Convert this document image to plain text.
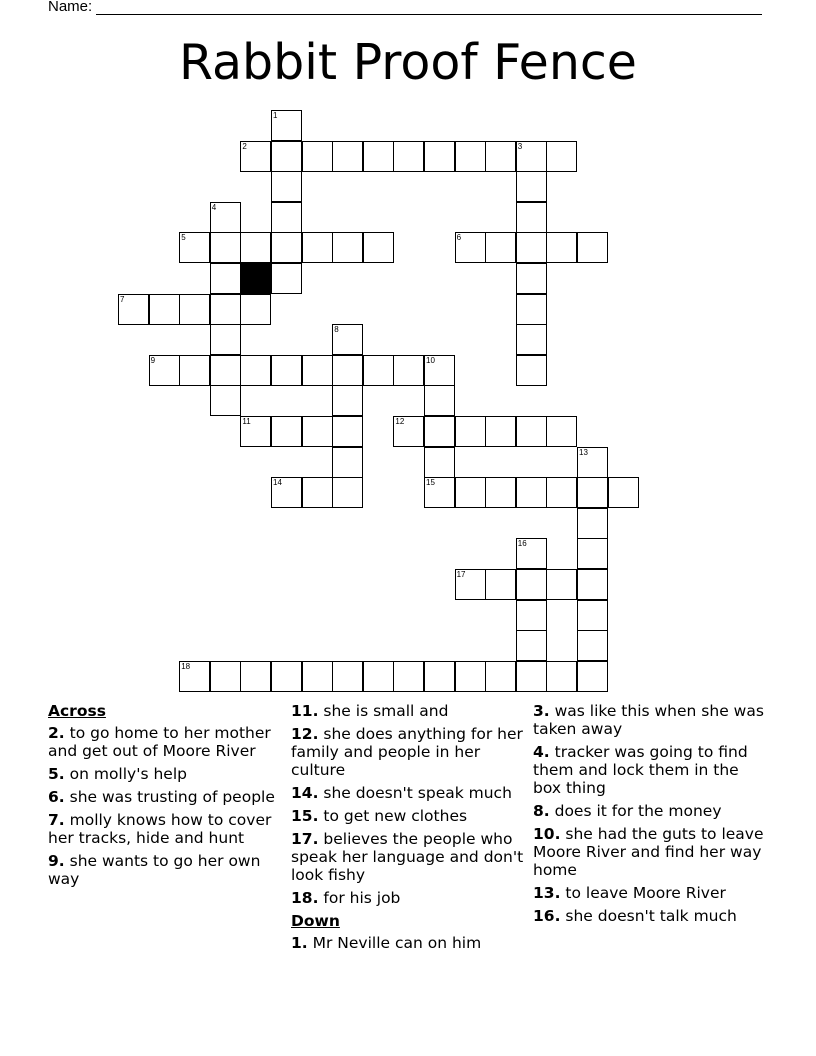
Name:
Rabbit Proof Fence
1
2	3
4
5	6
7
8
9	10
11	12
13
14	15
16
17
18
Across
2. to go home to her mother and get out of Moore River
5. on molly's help
6. she was trusting of people
7. molly knows how to cover her tracks, hide and hunt
9. she wants to go her own way
11. she is small and
12. she does anything for her family and people in her culture
14. she doesn't speak much
15. to get new clothes
17. believes the people who speak her language and don't look fishy
18. for his job
Down
1. Mr Neville can on him
3. was like this when she was taken away
4. tracker was going to find them and lock them in the box thing
8. does it for the money
10. she had the guts to leave Moore River and find her way home
13. to leave Moore River
16. she doesn't talk much
